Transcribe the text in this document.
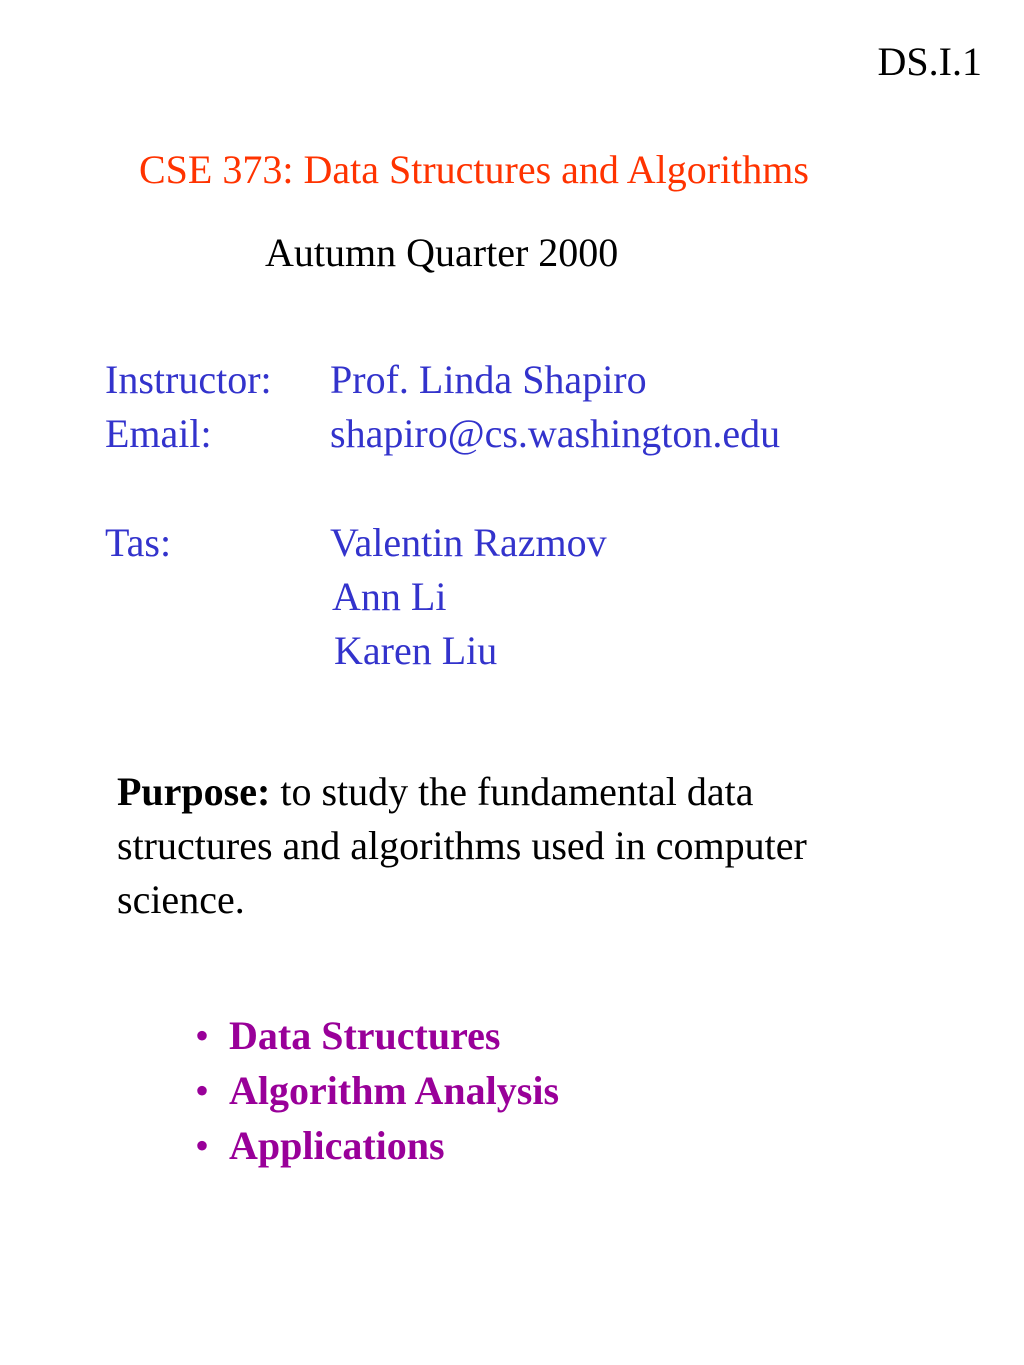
DS.I.1
CSE 373: Data Structures and Algorithms
Autumn Quarter 2000
Instructor: Prof. Linda Shapiro
Email:	shapiro@cs.washington.edu
Tas:	Valentin Razmov
Ann Li
Karen Liu
Purpose: to study the fundamental data structures and algorithms used in computer science.
• Data Structures
• Algorithm Analysis
• Applications
